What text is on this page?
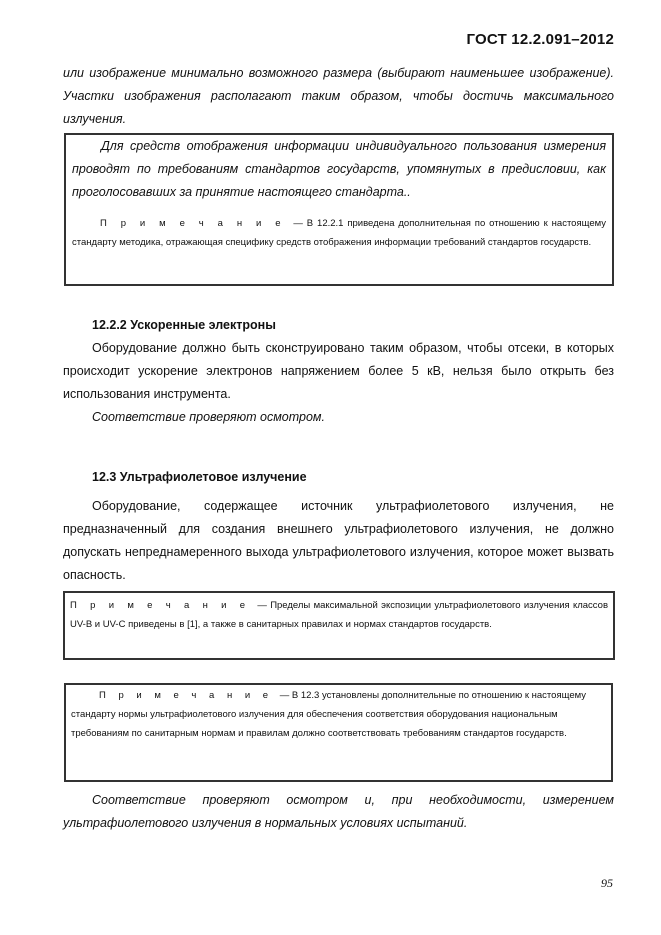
ГОСТ 12.2.091–2012
или изображение минимально возможного размера (выбирают наименьшее изображение). Участки изображения располагают таким образом, чтобы достичь максимального излучения.
Для средств отображения информации индивидуального пользования измерения проводят по требованиям стандартов государств, упомянутых в предисловии, как проголосовавших за принятие настоящего стандарта..
П р и м е ч а н и е — В 12.2.1 приведена дополнительная по отношению к настоящему стандарту методика, отражающая специфику средств отображения информации требований стандартов государств.
12.2.2 Ускоренные электроны
Оборудование должно быть сконструировано таким образом, чтобы отсеки, в которых происходит ускорение электронов напряжением более 5 кВ, нельзя было открыть без использования инструмента.
Соответствие проверяют осмотром.
12.3 Ультрафиолетовое излучение
Оборудование, содержащее источник ультрафиолетового излучения, не предназначенный для создания внешнего ультрафиолетового излучения, не должно допускать непреднамеренного выхода ультрафиолетового излучения, которое может вызвать опасность.
П р и м е ч а н и е — Пределы максимальной экспозиции ультрафиолетового излучения классов UV-B и UV-C приведены в [1], а также в санитарных правилах и нормах стандартов государств.
П р и м е ч а н и е — В 12.3 установлены дополнительные по отношению к настоящему стандарту нормы ультрафиолетового излучения для обеспечения соответствия оборудования национальным требованиям по санитарным нормам и правилам должно соответствовать требованиям стандартов государств.
Соответствие проверяют осмотром и, при необходимости, измерением ультрафиолетового излучения в нормальных условиях испытаний.
95
